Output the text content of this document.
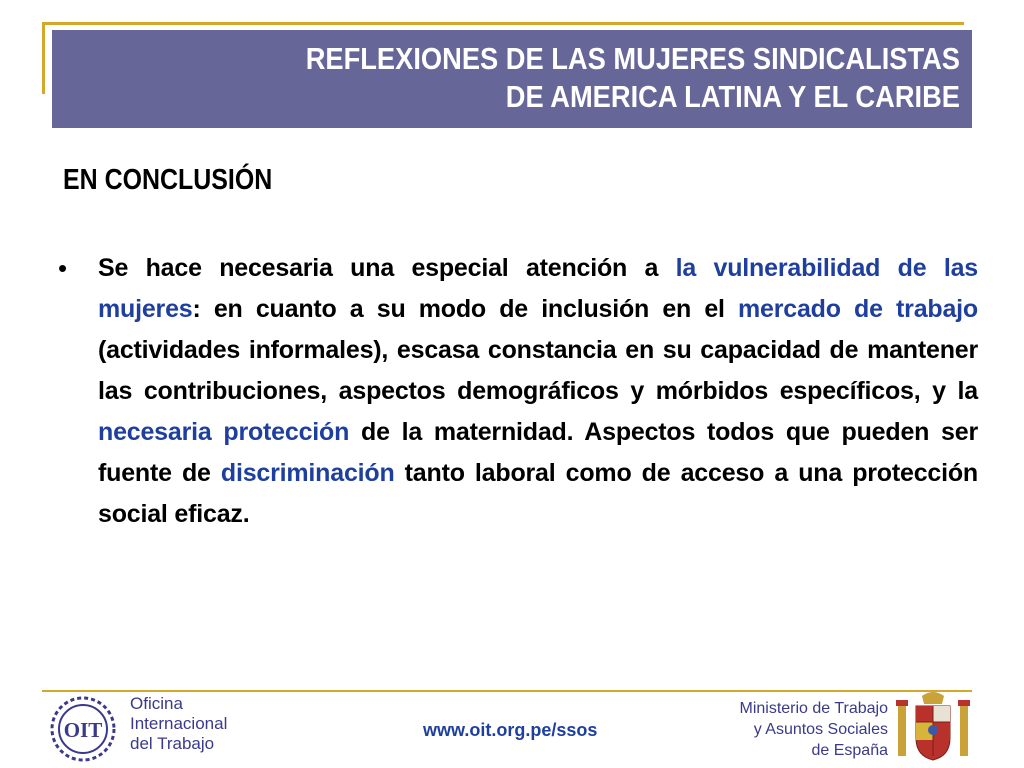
REFLEXIONES DE LAS MUJERES SINDICALISTAS
DE AMERICA LATINA Y EL CARIBE
EN CONCLUSIÓN
• Se hace necesaria una especial atención a la vulnerabilidad de las mujeres: en cuanto a su modo de inclusión en el mercado de trabajo (actividades informales), escasa constancia en su capacidad de mantener las contribuciones, aspectos demográficos y mórbidos específicos, y la necesaria protección de la maternidad. Aspectos todos que pueden ser fuente de discriminación tanto laboral como de acceso a una protección social eficaz.
OIT
Oficina
Internacional
del Trabajo
www.oit.org.pe/ssos
Ministerio de Trabajo
y Asuntos Sociales
de España
